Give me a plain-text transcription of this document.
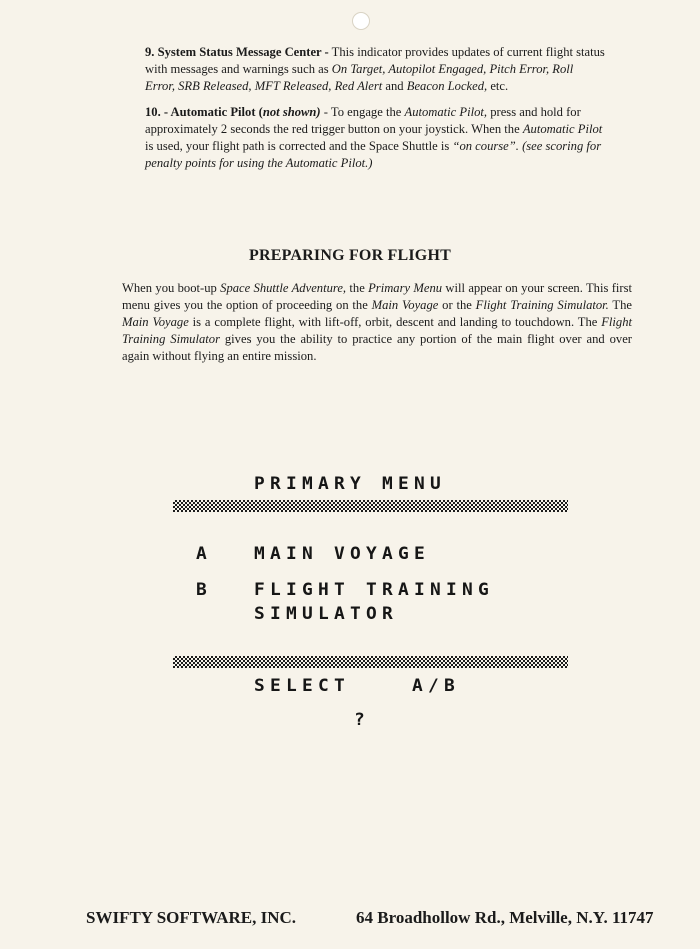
9. System Status Message Center - This indicator provides updates of current flight status with messages and warnings such as On Target, Autopilot Engaged, Pitch Error, Roll Error, SRB Released, MFT Released, Red Alert and Beacon Locked, etc.

10. - Automatic Pilot (not shown) - To engage the Automatic Pilot, press and hold for approximately 2 seconds the red trigger button on your joystick. When the Automatic Pilot is used, your flight path is corrected and the Space Shuttle is “on course”. (see scoring for penalty points for using the Automatic Pilot.)

PREPARING FOR FLIGHT

When you boot-up Space Shuttle Adventure, the Primary Menu will appear on your screen. This first menu gives you the option of proceeding on the Main Voyage or the Flight Training Simulator. The Main Voyage is a complete flight, with lift-off, orbit, descent and landing to touchdown. The Flight Training Simulator gives you the ability to practice any portion of the main flight over and over again without flying an entire mission.

PRIMARY MENU
A MAIN VOYAGE
B FLIGHT TRAINING
SIMULATOR
SELECT	A/B
?
SWIFTY SOFTWARE, INC.	64 Broadhollow Rd., Melville, N.Y. 11747
